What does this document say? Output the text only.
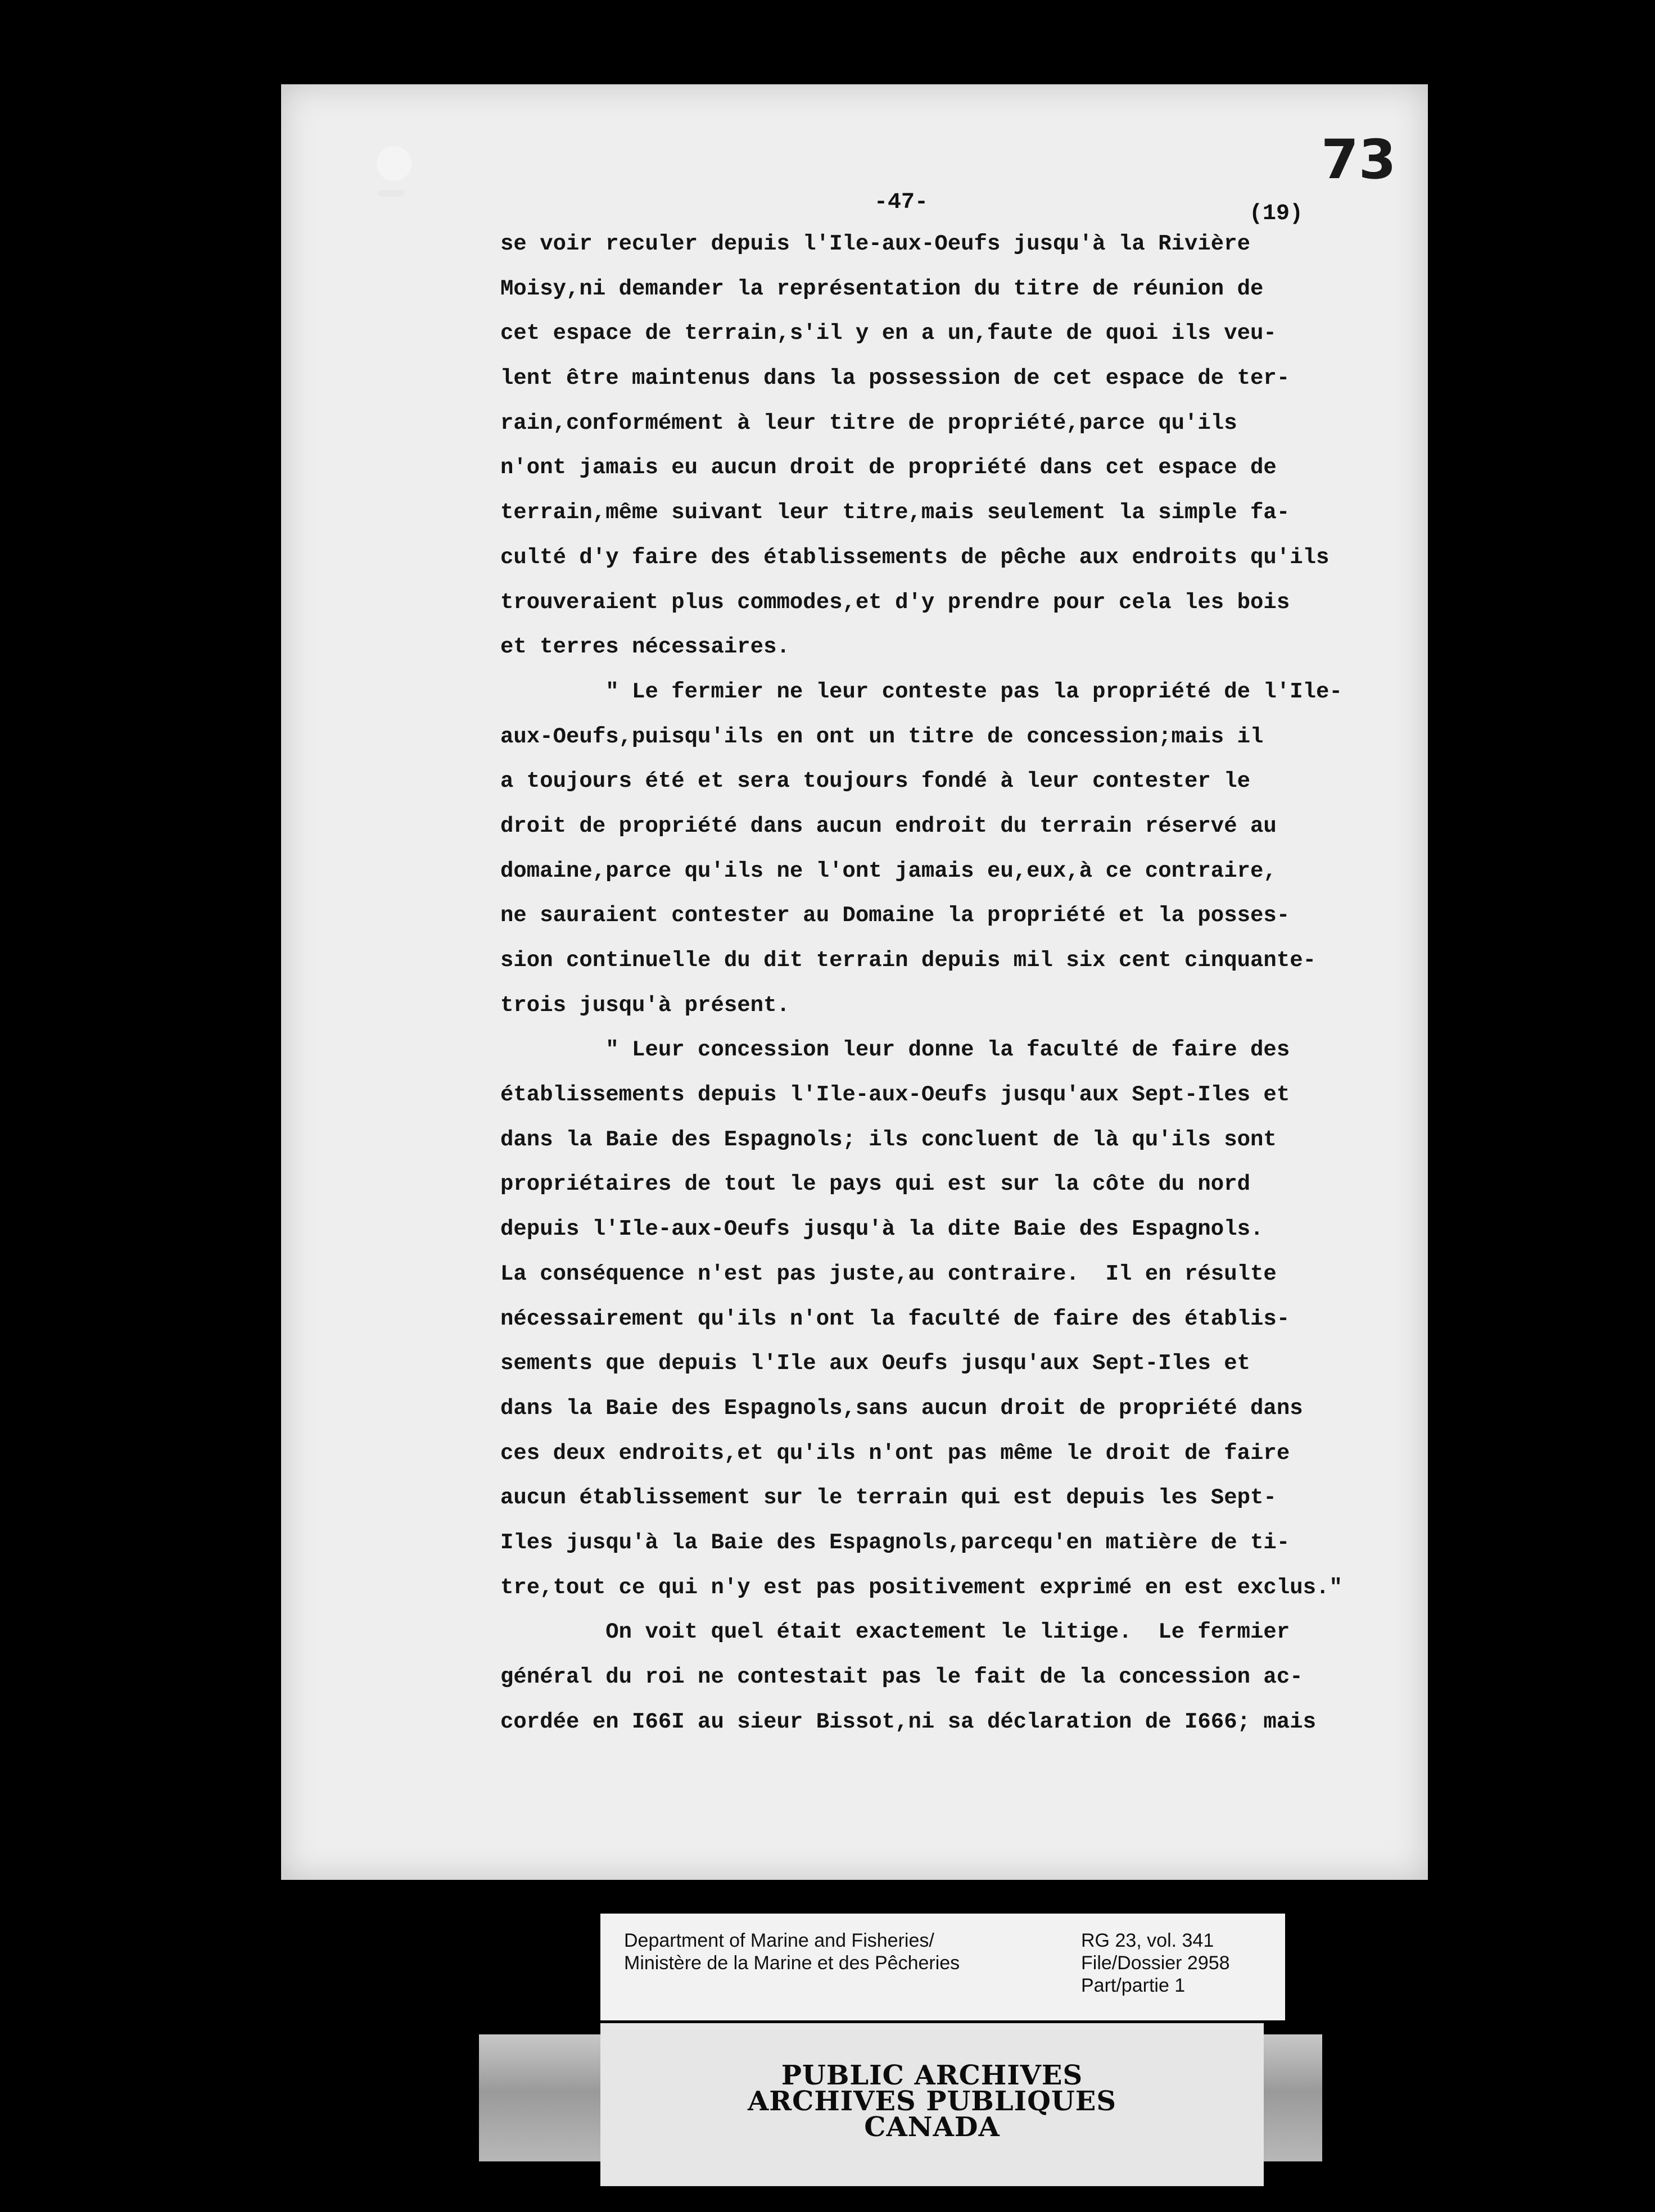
-47-	(19)
73
se voir reculer depuis l'Ile-aux-Oeufs jusqu'à la Rivière
Moisy,ni demander la représentation du titre de réunion de
cet espace de terrain,s'il y en a un,faute de quoi ils veu-
lent être maintenus dans la possession de cet espace de ter-
rain,conformément à leur titre de propriété,parce qu'ils
n'ont jamais eu aucun droit de propriété dans cet espace de
terrain,même suivant leur titre,mais seulement la simple fa-
culté d'y faire des établissements de pêche aux endroits qu'ils
trouveraient plus commodes,et d'y prendre pour cela les bois
et terres nécessaires.
" Le fermier ne leur conteste pas la propriété de l'Ile-
aux-Oeufs,puisqu'ils en ont un titre de concession;mais il
a toujours été et sera toujours fondé à leur contester le
droit de propriété dans aucun endroit du terrain réservé au
domaine,parce qu'ils ne l'ont jamais eu,eux,à ce contraire,
ne sauraient contester au Domaine la propriété et la posses-
sion continuelle du dit terrain depuis mil six cent cinquante-
trois jusqu'à présent.
" Leur concession leur donne la faculté de faire des
établissements depuis l'Ile-aux-Oeufs jusqu'aux Sept-Iles et
dans la Baie des Espagnols; ils concluent de là qu'ils sont
propriétaires de tout le pays qui est sur la côte du nord
depuis l'Ile-aux-Oeufs jusqu'à la dite Baie des Espagnols.
La conséquence n'est pas juste,au contraire.  Il en résulte
nécessairement qu'ils n'ont la faculté de faire des établis-
sements que depuis l'Ile aux Oeufs jusqu'aux Sept-Iles et
dans la Baie des Espagnols,sans aucun droit de propriété dans
ces deux endroits,et qu'ils n'ont pas même le droit de faire
aucun établissement sur le terrain qui est depuis les Sept-
Iles jusqu'à la Baie des Espagnols,parcequ'en matière de ti-
tre,tout ce qui n'y est pas positivement exprimé en est exclus."
On voit quel était exactement le litige.  Le fermier
général du roi ne contestait pas le fait de la concession ac-
cordée en I66I au sieur Bissot,ni sa déclaration de I666; mais
Department of Marine and Fisheries/
Ministère de la Marine et des Pêcheries
RG 23, vol. 341
File/Dossier 2958
Part/partie 1
PUBLIC ARCHIVES
ARCHIVES PUBLIQUES
CANADA
